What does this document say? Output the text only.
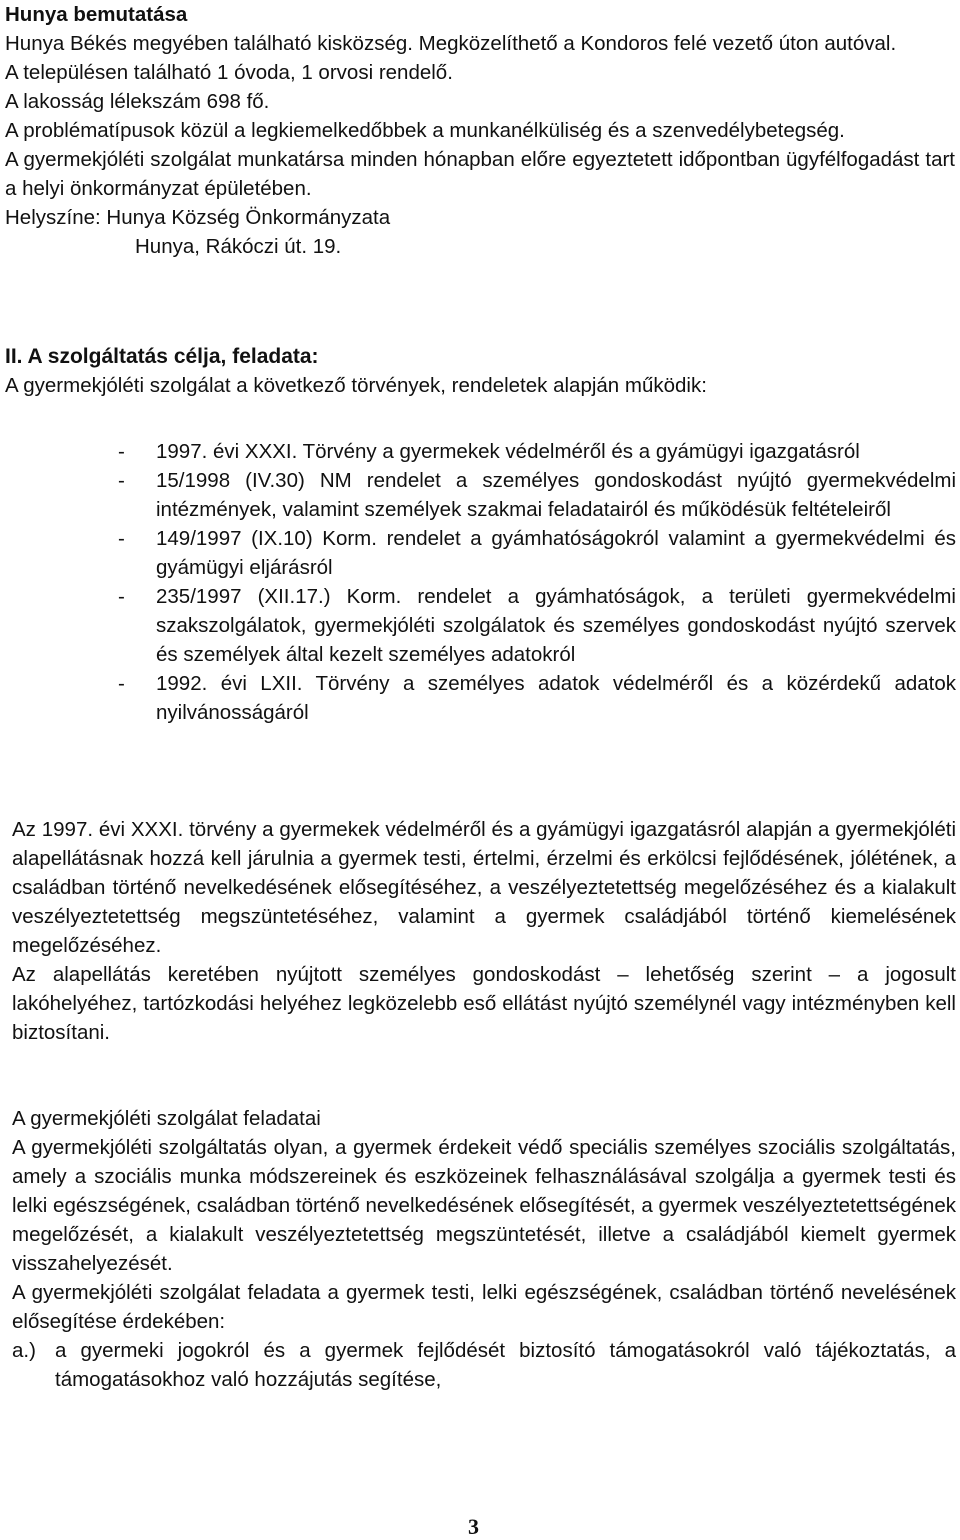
Hunya bemutatása

Hunya Békés megyében található kisközség. Megközelíthető a Kondoros felé vezető úton autóval.

A településen található 1 óvoda, 1 orvosi rendelő.
A lakosság lélekszám 698 fő.

A problématípusok közül a legkiemelkedőbbek a munkanélküliség és a szenvedélybetegség.

A gyermekjóléti szolgálat munkatársa minden hónapban előre egyeztetett időpontban ügyfélfogadást tart a helyi önkormányzat épületében.

Helyszíne: Hunya Község Önkormányzata
Hunya, Rákóczi út. 19.
II. A szolgáltatás célja, feladata:
A gyermekjóléti szolgálat a következő törvények, rendeletek alapján működik:
- 1997. évi XXXI. Törvény a gyermekek védelméről és a gyámügyi igazgatásról
- 15/1998 (IV.30) NM rendelet a személyes gondoskodást nyújtó gyermekvédelmi intézmények, valamint személyek szakmai feladatairól és működésük feltételeiről
- 149/1997 (IX.10) Korm. rendelet a gyámhatóságokról valamint a gyermekvédelmi és gyámügyi eljárásról
- 235/1997 (XII.17.) Korm. rendelet a gyámhatóságok, a területi gyermekvédelmi szakszolgálatok, gyermekjóléti szolgálatok és személyes gondoskodást nyújtó szervek és személyek által kezelt személyes adatokról
- 1992. évi LXII. Törvény a személyes adatok védelméről és a közérdekű adatok nyilvánosságáról

Az 1997. évi XXXI. törvény a gyermekek védelméről és a gyámügyi igazgatásról alapján a gyermekjóléti alapellátásnak hozzá kell járulnia a gyermek testi, értelmi, érzelmi és erkölcsi fejlődésének, jólétének, a családban történő nevelkedésének elősegítéséhez, a veszélyeztetettség megelőzéséhez és a kialakult veszélyeztetettség megszüntetéséhez, valamint a gyermek családjából történő kiemelésének megelőzéséhez.

Az alapellátás keretében nyújtott személyes gondoskodást – lehetőség szerint – a jogosult lakóhelyéhez, tartózkodási helyéhez legközelebb eső ellátást nyújtó személynél vagy intézményben kell biztosítani.

A gyermekjóléti szolgálat feladatai

A gyermekjóléti szolgáltatás olyan, a gyermek érdekeit védő speciális személyes szociális szolgáltatás, amely a szociális munka módszereinek és eszközeinek felhasználásával szolgálja a gyermek testi és lelki egészségének, családban történő nevelkedésének elősegítését, a gyermek veszélyeztetettségének megelőzését, a kialakult veszélyeztetettség megszüntetését, illetve a családjából kiemelt gyermek visszahelyezését.

A gyermekjóléti szolgálat feladata a gyermek testi, lelki egészségének, családban történő nevelésének elősegítése érdekében:

a.) a gyermeki jogokról és a gyermek fejlődését biztosító támogatásokról való tájékoztatás, a támogatásokhoz való hozzájutás segítése,
3
